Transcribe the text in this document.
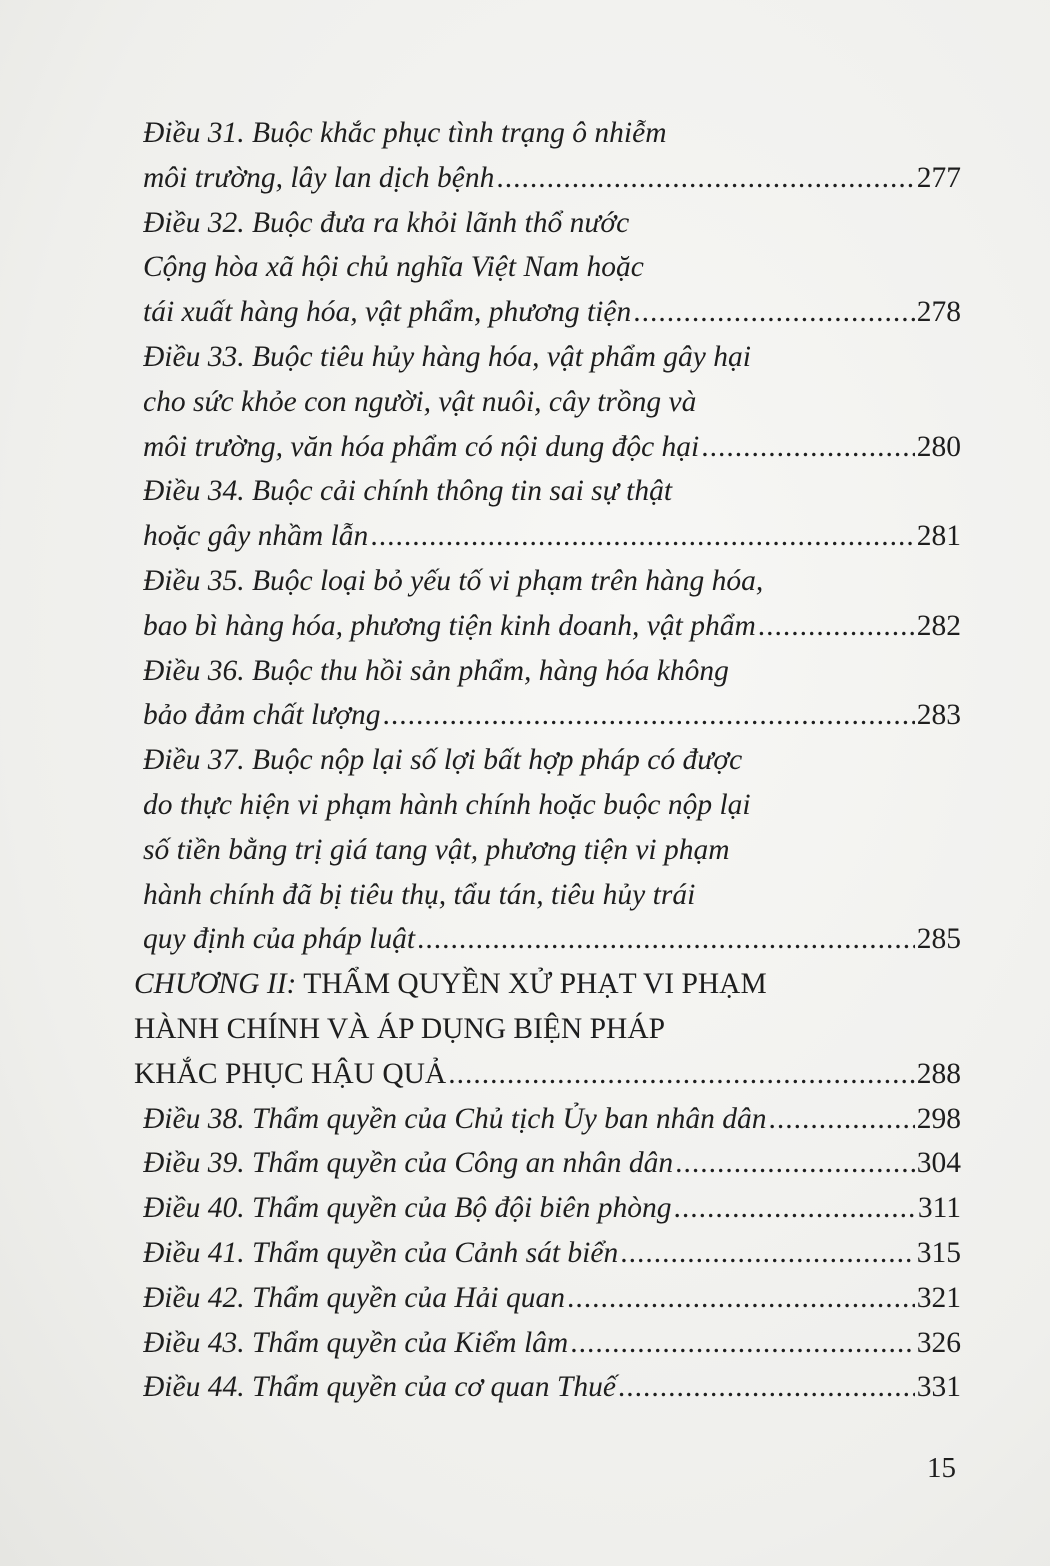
Điều 31. Buộc khắc phục tình trạng ô nhiễm
môi trường, lây lan dịch bệnh .....	277
Điều 32. Buộc đưa ra khỏi lãnh thổ nước
Cộng hòa xã hội chủ nghĩa Việt Nam hoặc
tái xuất hàng hóa, vật phẩm, phương tiện .....	278
Điều 33. Buộc tiêu hủy hàng hóa, vật phẩm gây hại
cho sức khỏe con người, vật nuôi, cây trồng và
môi trường, văn hóa phẩm có nội dung độc hại .....	280
Điều 34. Buộc cải chính thông tin sai sự thật
hoặc gây nhầm lẫn .....	281
Điều 35. Buộc loại bỏ yếu tố vi phạm trên hàng hóa,
bao bì hàng hóa, phương tiện kinh doanh, vật phẩm .....	282
Điều 36. Buộc thu hồi sản phẩm, hàng hóa không
bảo đảm chất lượng .....	283
Điều 37. Buộc nộp lại số lợi bất hợp pháp có được
do thực hiện vi phạm hành chính hoặc buộc nộp lại
số tiền bằng trị giá tang vật, phương tiện vi phạm
hành chính đã bị tiêu thụ, tẩu tán, tiêu hủy trái
quy định của pháp luật .....	285
CHƯƠNG II: THẨM QUYỀN XỬ PHẠT VI PHẠM
HÀNH CHÍNH VÀ ÁP DỤNG BIỆN PHÁP
KHẮC PHỤC HẬU QUẢ .....	288
Điều 38. Thẩm quyền của Chủ tịch Ủy ban nhân dân .....	298
Điều 39. Thẩm quyền của Công an nhân dân .....	304
Điều 40. Thẩm quyền của Bộ đội biên phòng .....	311
Điều 41. Thẩm quyền của Cảnh sát biển .....	315
Điều 42. Thẩm quyền của Hải quan .....	321
Điều 43. Thẩm quyền của Kiểm lâm .....	326
Điều 44. Thẩm quyền của cơ quan Thuế .....	331
15
